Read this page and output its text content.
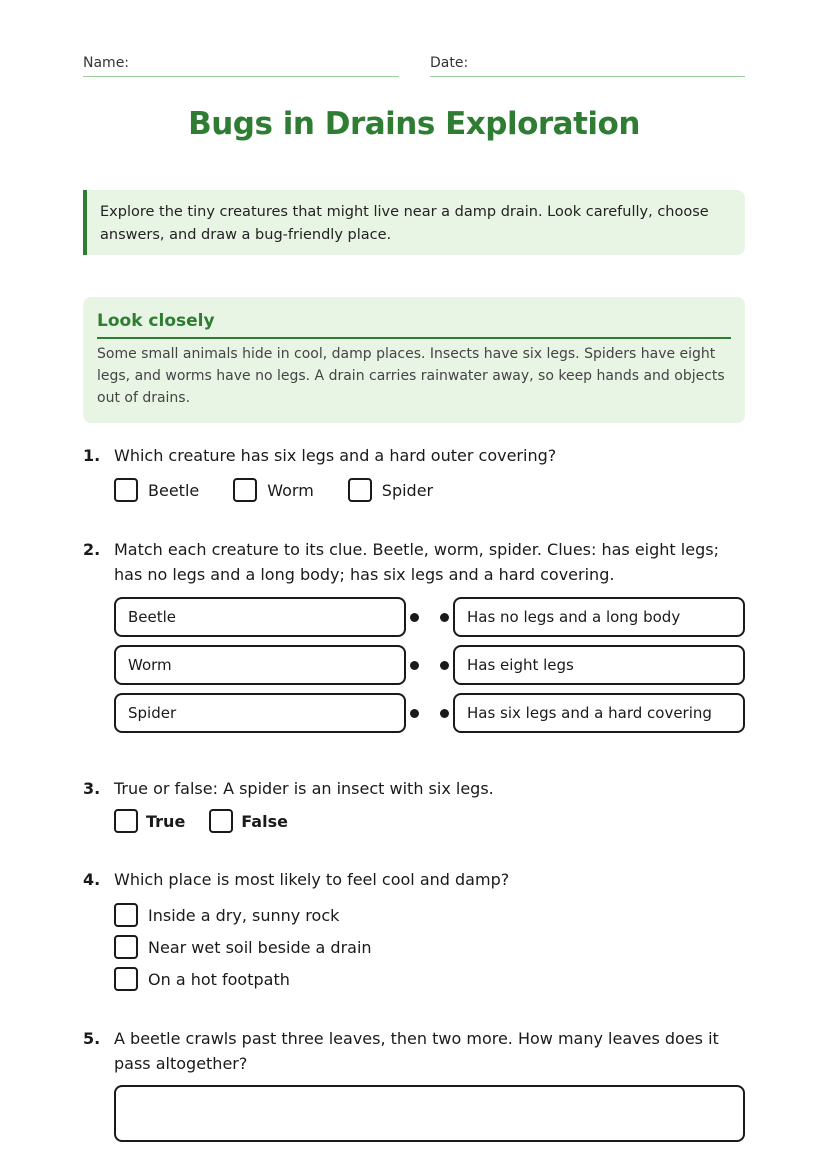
Name:	Date:
Bugs in Drains Exploration
Explore the tiny creatures that might live near a damp drain. Look carefully, choose answers, and draw a bug-friendly place.
Look closely
Some small animals hide in cool, damp places. Insects have six legs. Spiders have eight legs, and worms have no legs. A drain carries rainwater away, so keep hands and objects out of drains.
1. Which creature has six legs and a hard outer covering?
Beetle	Worm	Spider
2. Match each creature to its clue. Beetle, worm, spider. Clues: has eight legs; has no legs and a long body; has six legs and a hard covering.
Beetle	Has no legs and a long body
Worm	Has eight legs
Spider	Has six legs and a hard covering
3. True or false: A spider is an insect with six legs.
True	False
4. Which place is most likely to feel cool and damp?
Inside a dry, sunny rock
Near wet soil beside a drain
On a hot footpath
5. A beetle crawls past three leaves, then two more. How many leaves does it pass altogether?
